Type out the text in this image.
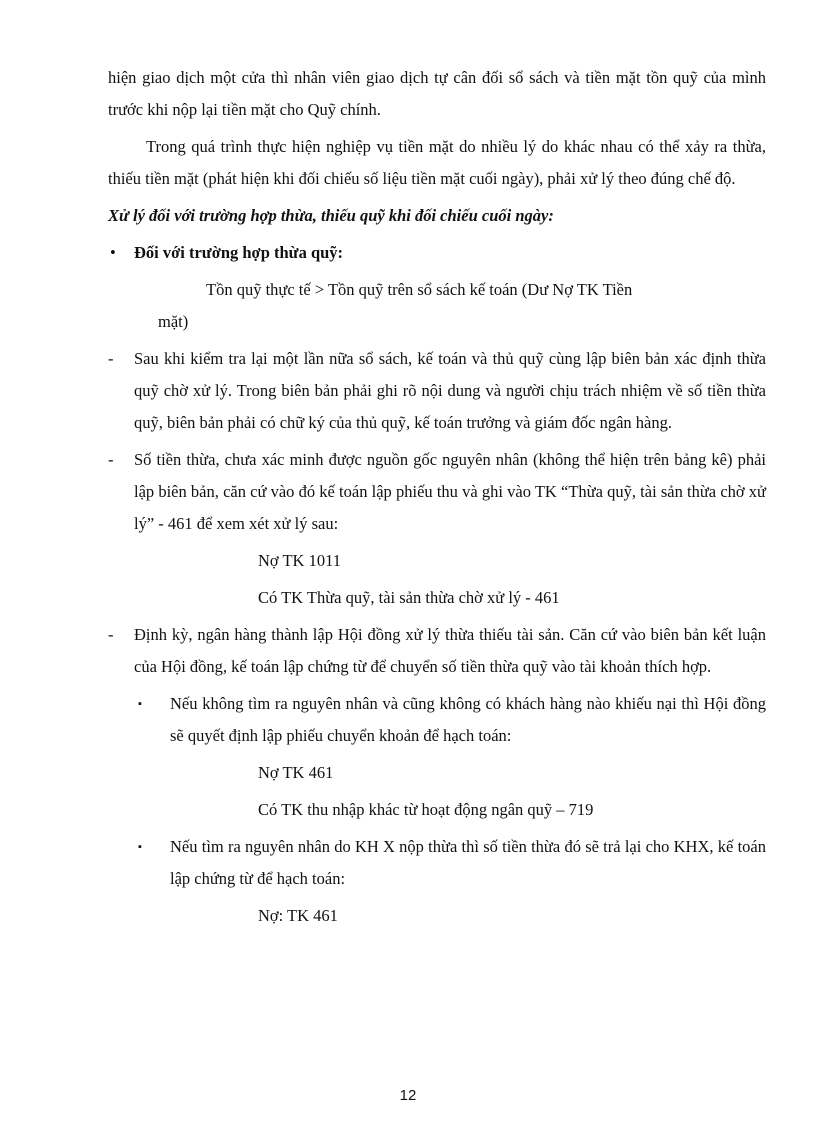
hiện giao dịch một cửa thì nhân viên giao dịch tự cân đối sổ sách và tiền mặt tồn quỹ của mình trước khi nộp lại tiền mặt cho Quỹ chính.

Trong quá trình thực hiện nghiệp vụ tiền mặt do nhiều lý do khác nhau có thể xảy ra thừa, thiếu tiền mặt (phát hiện khi đối chiếu số liệu tiền mặt cuối ngày), phải xử lý theo đúng chế độ.

Xử lý đối với trường hợp thừa, thiếu quỹ khi đối chiếu cuối ngày:

• Đối với trường hợp thừa quỹ:

Tồn quỹ thực tế > Tồn quỹ trên sổ sách kế toán (Dư Nợ TK Tiền

mặt)

- Sau khi kiểm tra lại một lần nữa sổ sách, kế toán và thủ quỹ cùng lập biên bản xác định thừa quỹ chờ xử lý. Trong biên bản phải ghi rõ nội dung và người chịu trách nhiệm về số tiền thừa quỹ, biên bản phải có chữ ký của thủ quỹ, kế toán trưởng và giám đốc ngân hàng.

- Số tiền thừa, chưa xác minh được nguồn gốc nguyên nhân (không thể hiện trên bảng kê) phải lập biên bản, căn cứ vào đó kế toán lập phiếu thu và ghi vào TK “Thừa quỹ, tài sản thừa chờ xử lý” - 461 để xem xét xử lý sau:

Nợ TK 1011

Có TK Thừa quỹ, tài sản thừa chờ xử lý - 461

- Định kỳ, ngân hàng thành lập Hội đồng xử lý thừa thiếu tài sản. Căn cứ vào biên bản kết luận của Hội đồng, kế toán lập chứng từ để chuyển số tiền thừa quỹ vào tài khoản thích hợp.

▪ Nếu không tìm ra nguyên nhân và cũng không có khách hàng nào khiếu nại thì Hội đồng sẽ quyết định lập phiếu chuyển khoản để hạch toán:

Nợ TK 461

Có TK thu nhập khác từ hoạt động ngân quỹ – 719

▪ Nếu tìm ra nguyên nhân do KH X nộp thừa thì số tiền thừa đó sẽ trả lại cho KHX, kế toán lập chứng từ để hạch toán:

Nợ: TK 461

12
